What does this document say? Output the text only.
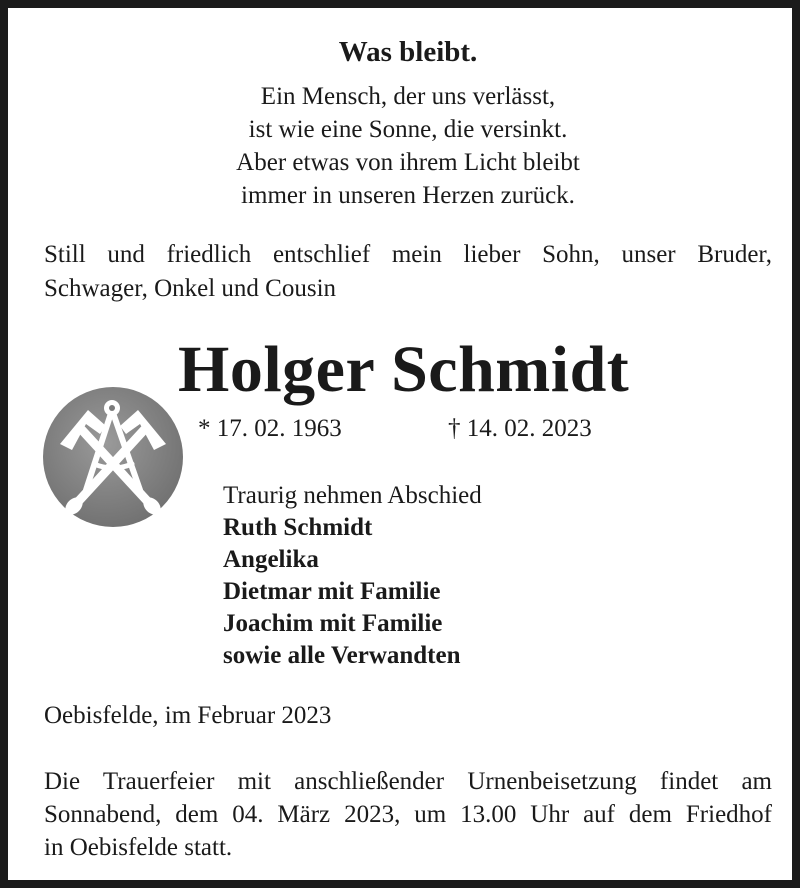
Was bleibt.
Ein Mensch, der uns verlässt,
ist wie eine Sonne, die versinkt.
Aber etwas von ihrem Licht bleibt
immer in unseren Herzen zurück.
Still und friedlich entschlief mein lieber Sohn, unser Bruder,
Schwager, Onkel und Cousin
Holger Schmidt
* 17. 02. 1963	† 14. 02. 2023
Traurig nehmen Abschied
Ruth Schmidt
Angelika
Dietmar mit Familie
Joachim mit Familie
sowie alle Verwandten
Oebisfelde, im Februar 2023
Die Trauerfeier mit anschließender Urnenbeisetzung findet am
Sonnabend, dem 04. März 2023, um 13.00 Uhr auf dem Friedhof
in Oebisfelde statt.
